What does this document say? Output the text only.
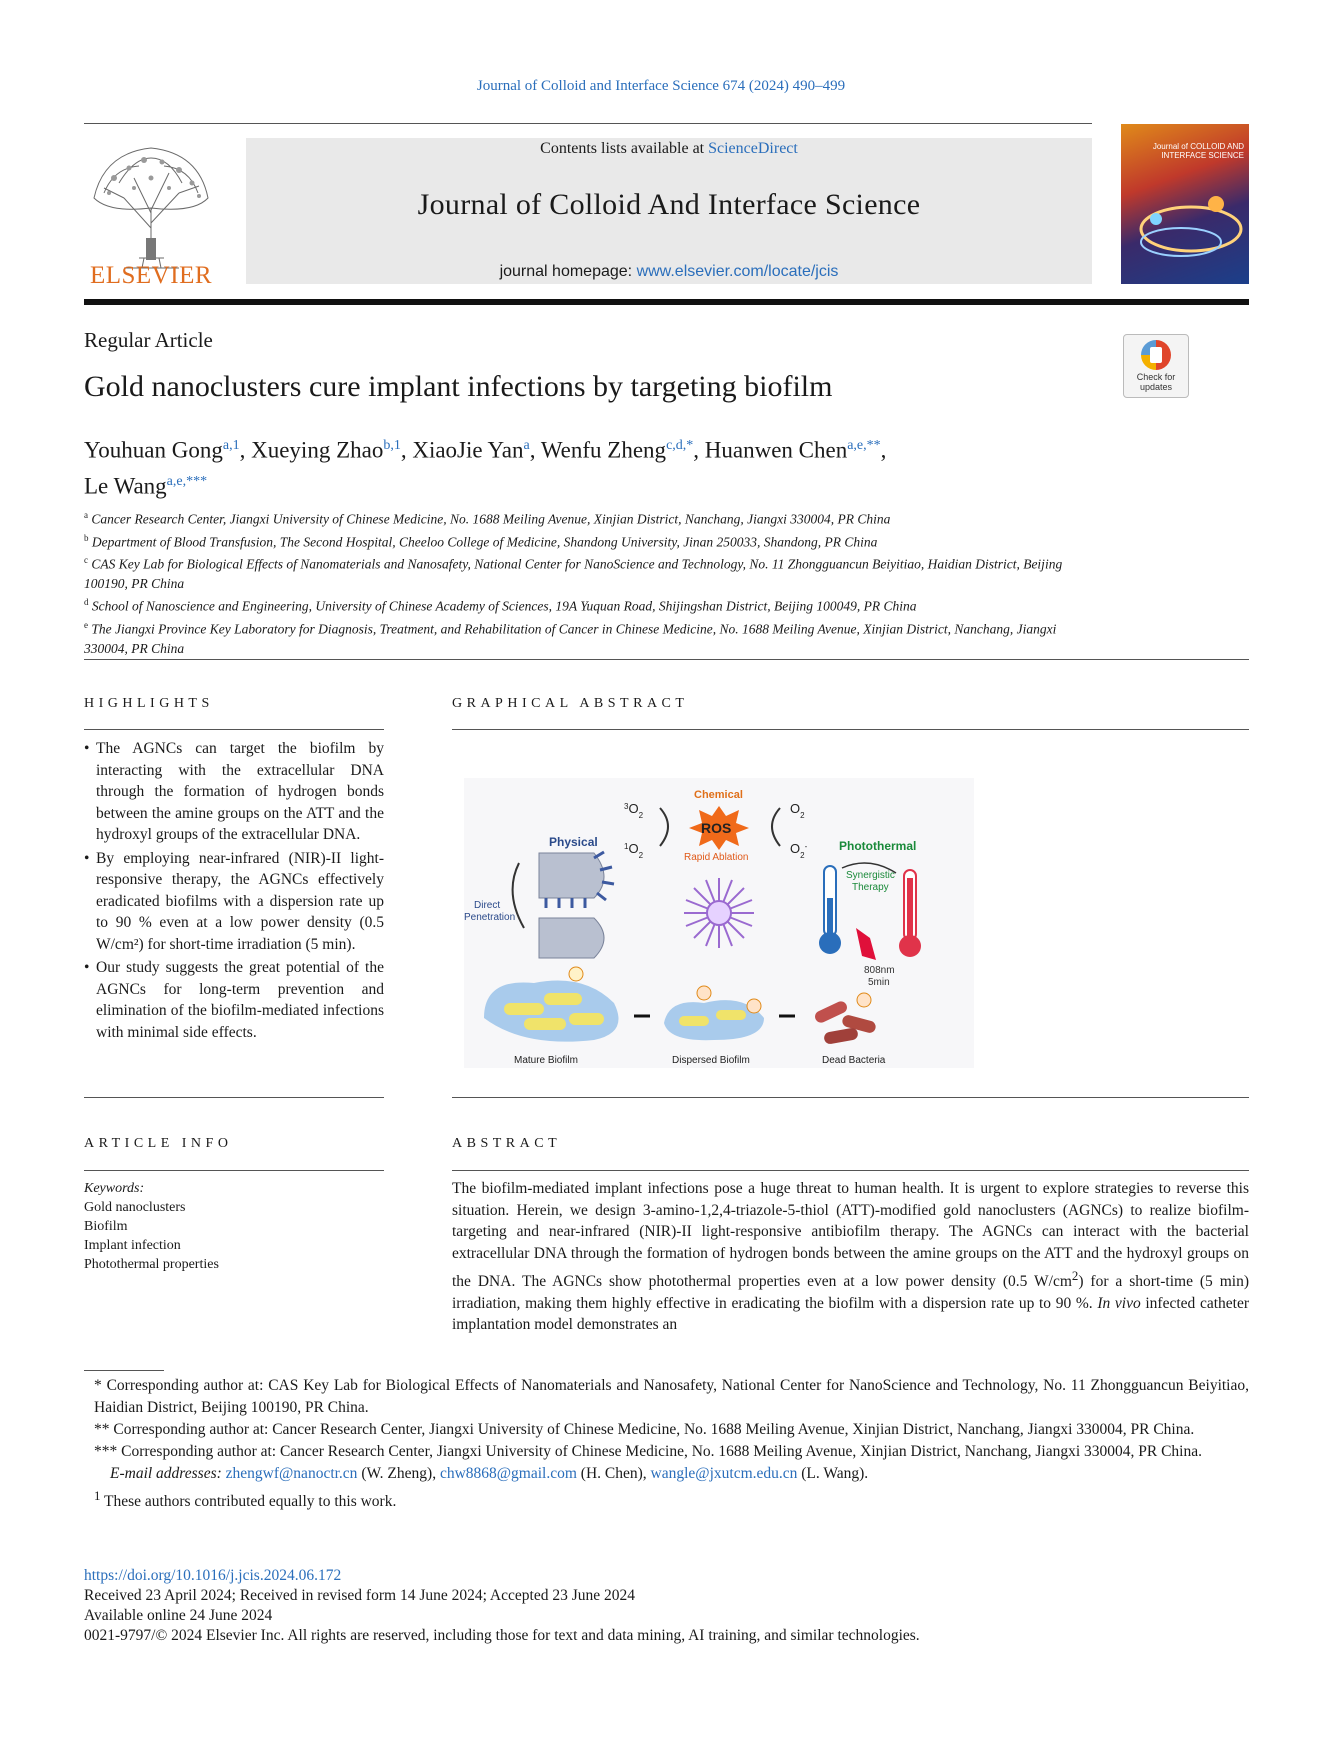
Journal of Colloid and Interface Science 674 (2024) 490–499
ELSEVIER
Contents lists available at ScienceDirect
Journal of Colloid And Interface Science
journal homepage: www.elsevier.com/locate/jcis
Journal of COLLOID AND INTERFACE SCIENCE
Regular Article
Check for updates
Gold nanoclusters cure implant infections by targeting biofilm
Youhuan Gong$^{a,1}$, Xueying Zhao$^{b,1}$, XiaoJie Yan$^a$, Wenfu Zheng$^{c,d,*}$, Huanwen Chen$^{a,e,**}$,
Le Wang$^{a,e,***}$
$^a$ Cancer Research Center, Jiangxi University of Chinese Medicine, No. 1688 Meiling Avenue, Xinjian District, Nanchang, Jiangxi 330004, PR China
$^b$ Department of Blood Transfusion, The Second Hospital, Cheeloo College of Medicine, Shandong University, Jinan 250033, Shandong, PR China
$^c$ CAS Key Lab for Biological Effects of Nanomaterials and Nanosafety, National Center for NanoScience and Technology, No. 11 Zhongguancun Beiyitiao, Haidian District, Beijing 100190, PR China
$^d$ School of Nanoscience and Engineering, University of Chinese Academy of Sciences, 19A Yuquan Road, Shijingshan District, Beijing 100049, PR China
$^e$ The Jiangxi Province Key Laboratory for Diagnosis, Treatment, and Rehabilitation of Cancer in Chinese Medicine, No. 1688 Meiling Avenue, Xinjian District, Nanchang, Jiangxi 330004, PR China
HIGHLIGHTS
• The AGNCs can target the biofilm by interacting with the extracellular DNA through the formation of hydrogen bonds between the amine groups on the ATT and the hydroxyl groups of the extracellular DNA.
• By employing near-infrared (NIR)-II light-responsive therapy, the AGNCs effectively eradicated biofilms with a dispersion rate up to 90 % even at a low power density (0.5 W/cm²) for short-time irradiation (5 min).
• Our study suggests the great potential of the AGNCs for long-term prevention and elimination of the biofilm-mediated infections with minimal side effects.
GRAPHICAL ABSTRACT
Physical
Direct
Penetration
Chemical
ROS
Rapid Ablation
$^3O_2$
$^1O_2$
$O_2$
$O_2^-$	Photothermal
Synergistic
Therapy
808nm
5min
Mature Biofilm	Dispersed Biofilm	Dead Bacteria
ARTICLE INFO
Keywords:
Gold nanoclusters
Biofilm
Implant infection
Photothermal properties
ABSTRACT

The biofilm-mediated implant infections pose a huge threat to human health. It is urgent to explore strategies to reverse this situation. Herein, we design 3-amino-1,2,4-triazole-5-thiol (ATT)-modified gold nanoclusters (AGNCs) to realize biofilm-targeting and near-infrared (NIR)-II light-responsive antibiofilm therapy. The AGNCs can interact with the bacterial extracellular DNA through the formation of hydrogen bonds between the amine groups on the ATT and the hydroxyl groups on the DNA. The AGNCs show photothermal properties even at a low power density (0.5 $W/cm^2$) for a short-time (5 min) irradiation, making them highly effective in eradicating the biofilm with a dispersion rate up to 90 %. In vivo infected catheter implantation model demonstrates an

* Corresponding author at: CAS Key Lab for Biological Effects of Nanomaterials and Nanosafety, National Center for NanoScience and Technology, No. 11 Zhongguancun Beiyitiao, Haidian District, Beijing 100190, PR China.

** Corresponding author at: Cancer Research Center, Jiangxi University of Chinese Medicine, No. 1688 Meiling Avenue, Xinjian District, Nanchang, Jiangxi 330004, PR China.

*** Corresponding author at: Cancer Research Center, Jiangxi University of Chinese Medicine, No. 1688 Meiling Avenue, Xinjian District, Nanchang, Jiangxi 330004, PR China.

E-mail addresses: zhengwf@nanoctr.cn (W. Zheng), chw8868@gmail.com (H. Chen), wangle@jxutcm.edu.cn (L. Wang).

$^1$ These authors contributed equally to this work.

https://doi.org/10.1016/j.jcis.2024.06.172
Received 23 April 2024; Received in revised form 14 June 2024; Accepted 23 June 2024
Available online 24 June 2024
0021-9797/© 2024 Elsevier Inc. All rights are reserved, including those for text and data mining, AI training, and similar technologies.
